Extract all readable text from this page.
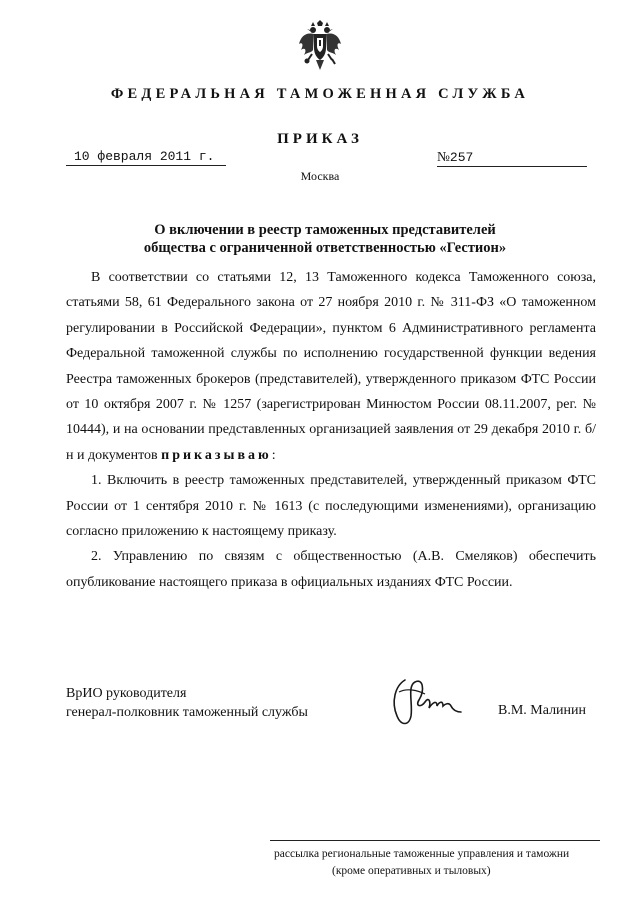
ФЕДЕРАЛЬНАЯ ТАМОЖЕННАЯ СЛУЖБА
ПРИКАЗ
10 февраля 2011 г.	№257
Москва
О включении в реестр таможенных представителей
общества с ограниченной ответственностью «Гестион»

В соответствии со статьями 12, 13 Таможенного кодекса Таможенного союза, статьями 58, 61 Федерального закона от 27 ноября 2010 г. № 311-ФЗ «О таможенном регулировании в Российской Федерации», пунктом 6 Административного регламента Федеральной таможенной службы по исполнению государственной функции ведения Реестра таможенных брокеров (представителей), утвержденного приказом ФТС России от 10 октября 2007 г. № 1257 (зарегистрирован Минюстом России 08.11.2007, рег. № 10444), и на основании представленных организацией заявления от 29 декабря 2010 г. б/н и документов приказываю:

1. Включить в реестр таможенных представителей, утвержденный приказом ФТС России от 1 сентября 2010 г. № 1613 (с последующими изменениями), организацию согласно приложению к настоящему приказу.

2. Управлению по связям с общественностью (А.В. Смеляков) обеспечить опубликование настоящего приказа в официальных изданиях ФТС России.

ВрИО руководителя
генерал-полковник таможенный службы	В.М. Малинин
рассылка региональные таможенные управления и таможни
(кроме оперативных и тыловых)
